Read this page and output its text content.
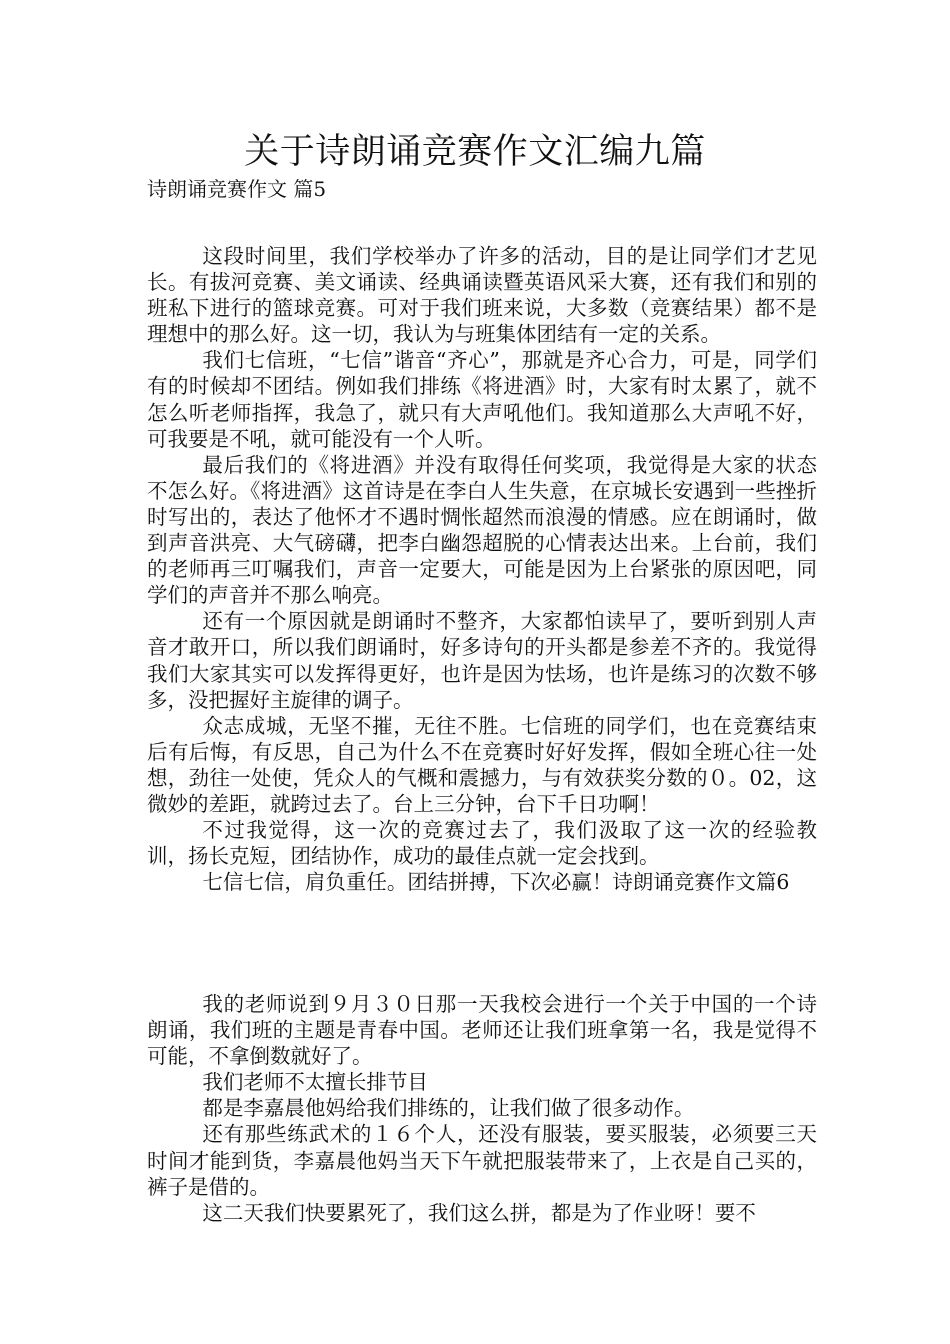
关于诗朗诵竞赛作文汇编九篇
诗朗诵竞赛作文 篇5

这段时间里，我们学校举办了许多的活动，目的是让同学们才艺见长。有拔河竞赛、美文诵读、经典诵读暨英语风采大赛，还有我们和别的班私下进行的篮球竞赛。可对于我们班来说，大多数（竞赛结果）都不是理想中的那么好。这一切，我认为与班集体团结有一定的关系。

我们七信班，“七信”谐音“齐心”，那就是齐心合力，可是，同学们有的时候却不团结。例如我们排练《将进酒》时，大家有时太累了，就不怎么听老师指挥，我急了，就只有大声吼他们。我知道那么大声吼不好，可我要是不吼，就可能没有一个人听。

最后我们的《将进酒》并没有取得任何奖项，我觉得是大家的状态不怎么好。《将进酒》这首诗是在李白人生失意，在京城长安遇到一些挫折时写出的，表达了他怀才不遇时惆怅超然而浪漫的情感。应在朗诵时，做到声音洪亮、大气磅礴，把李白幽怨超脱的心情表达出来。上台前，我们的老师再三叮嘱我们，声音一定要大，可能是因为上台紧张的原因吧，同学们的声音并不那么响亮。

还有一个原因就是朗诵时不整齐，大家都怕读早了，要听到别人声音才敢开口，所以我们朗诵时，好多诗句的开头都是参差不齐的。我觉得我们大家其实可以发挥得更好，也许是因为怯场，也许是练习的次数不够多，没把握好主旋律的调子。

众志成城，无坚不摧，无往不胜。七信班的同学们，也在竞赛结束后有后悔，有反思，自己为什么不在竞赛时好好发挥，假如全班心往一处想，劲往一处使，凭众人的气概和震撼力，与有效获奖分数的０。02，这微妙的差距，就跨过去了。台上三分钟，台下千日功啊！

不过我觉得，这一次的竞赛过去了，我们汲取了这一次的经验教训，扬长克短，团结协作，成功的最佳点就一定会找到。

七信七信，肩负重任。团结拼搏，下次必赢！诗朗诵竞赛作文篇6

我的老师说到９月３０日那一天我校会进行一个关于中国的一个诗朗诵，我们班的主题是青春中国。老师还让我们班拿第一名，我是觉得不可能，不拿倒数就好了。

我们老师不太擅长排节目

都是李嘉晨他妈给我们排练的，让我们做了很多动作。

还有那些练武术的１６个人，还没有服装，要买服装，必须要三天时间才能到货，李嘉晨他妈当天下午就把服装带来了，上衣是自己买的，裤子是借的。

这二天我们快要累死了，我们这么拼，都是为了作业呀！要不
